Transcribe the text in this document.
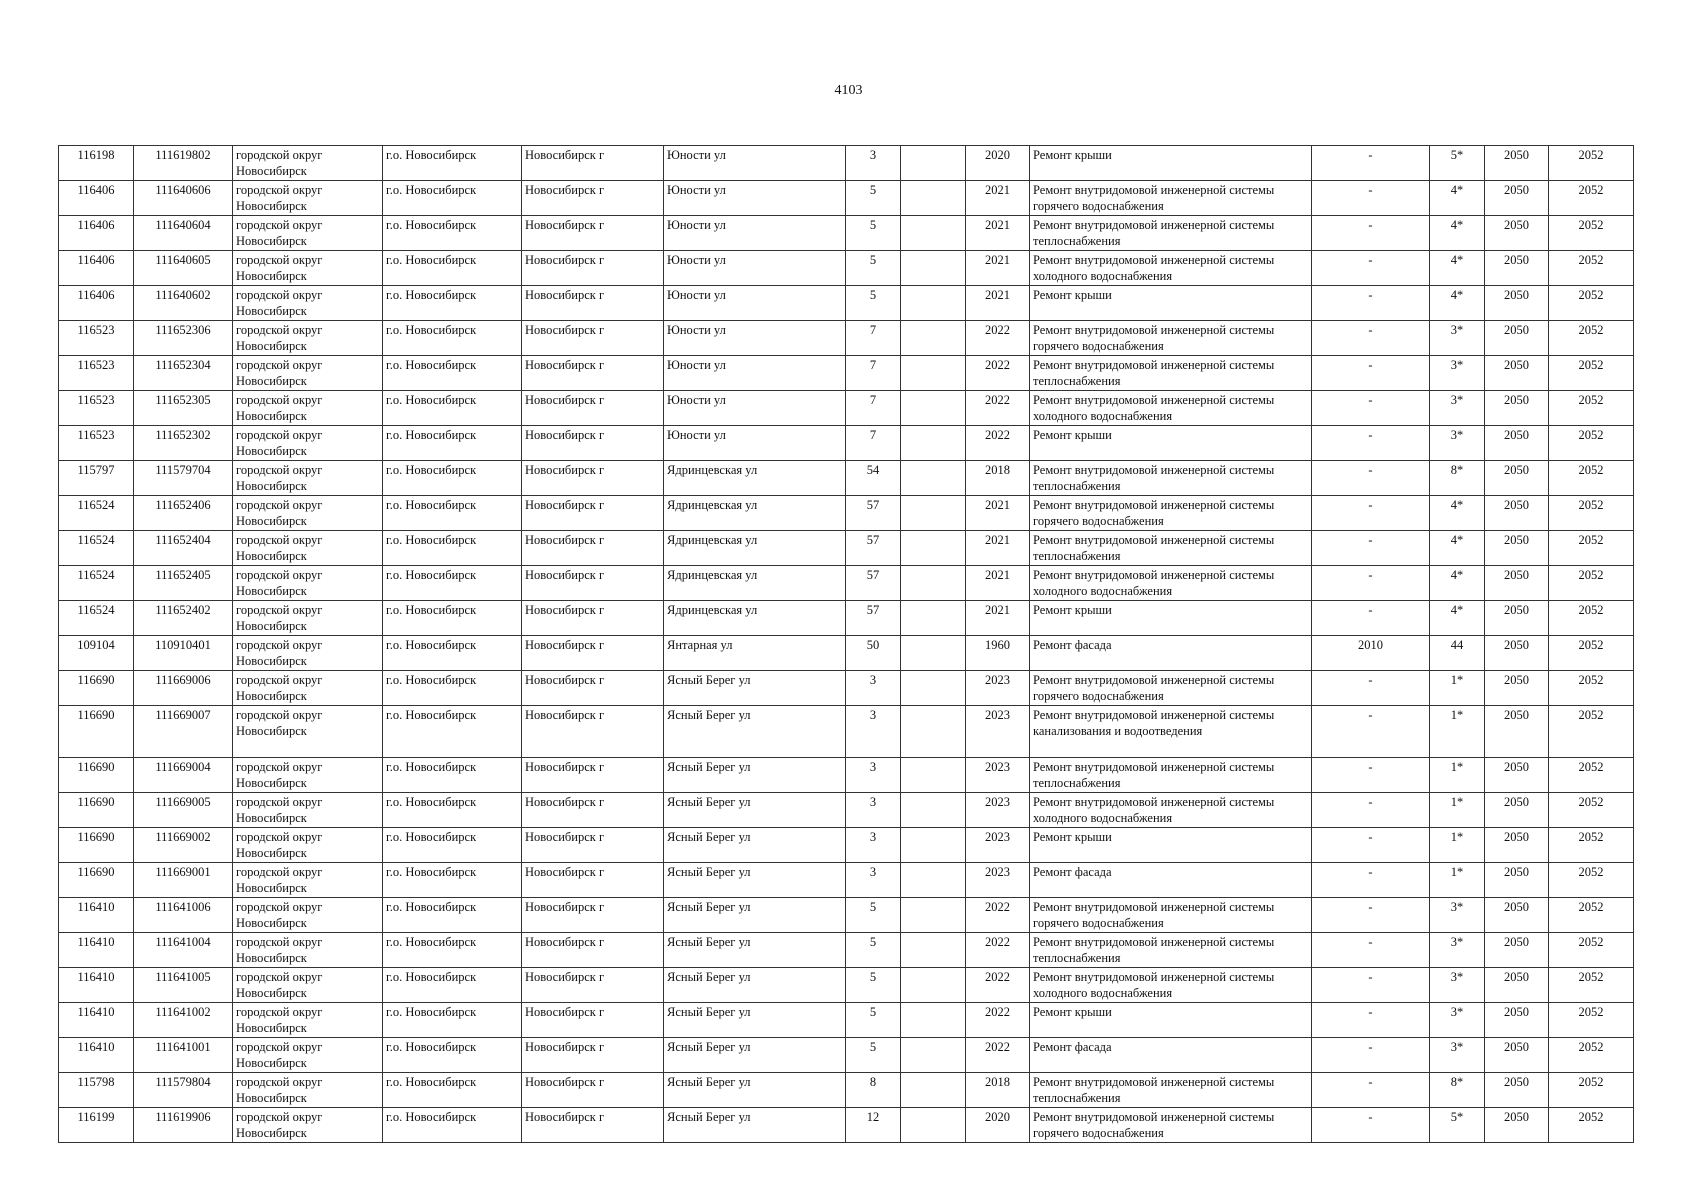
4103
116198	111619802	городской округ Новосибирск	г.о. Новосибирск	Новосибирск г	Юности ул	3		2020	Ремонт крыши	-	5*	2050	2052
116406	111640606	городской округ Новосибирск	г.о. Новосибирск	Новосибирск г	Юности ул	5		2021	Ремонт внутридомовой инженерной системы горячего водоснабжения	-	4*	2050	2052
116406	111640604	городской округ Новосибирск	г.о. Новосибирск	Новосибирск г	Юности ул	5		2021	Ремонт внутридомовой инженерной системы теплоснабжения	-	4*	2050	2052
116406	111640605	городской округ Новосибирск	г.о. Новосибирск	Новосибирск г	Юности ул	5		2021	Ремонт внутридомовой инженерной системы холодного водоснабжения	-	4*	2050	2052
116406	111640602	городской округ Новосибирск	г.о. Новосибирск	Новосибирск г	Юности ул	5		2021	Ремонт крыши	-	4*	2050	2052
116523	111652306	городской округ Новосибирск	г.о. Новосибирск	Новосибирск г	Юности ул	7		2022	Ремонт внутридомовой инженерной системы горячего водоснабжения	-	3*	2050	2052
116523	111652304	городской округ Новосибирск	г.о. Новосибирск	Новосибирск г	Юности ул	7		2022	Ремонт внутридомовой инженерной системы теплоснабжения	-	3*	2050	2052
116523	111652305	городской округ Новосибирск	г.о. Новосибирск	Новосибирск г	Юности ул	7		2022	Ремонт внутридомовой инженерной системы холодного водоснабжения	-	3*	2050	2052
116523	111652302	городской округ Новосибирск	г.о. Новосибирск	Новосибирск г	Юности ул	7		2022	Ремонт крыши	-	3*	2050	2052
115797	111579704	городской округ Новосибирск	г.о. Новосибирск	Новосибирск г	Ядринцевская ул	54		2018	Ремонт внутридомовой инженерной системы теплоснабжения	-	8*	2050	2052
116524	111652406	городской округ Новосибирск	г.о. Новосибирск	Новосибирск г	Ядринцевская ул	57		2021	Ремонт внутридомовой инженерной системы горячего водоснабжения	-	4*	2050	2052
116524	111652404	городской округ Новосибирск	г.о. Новосибирск	Новосибирск г	Ядринцевская ул	57		2021	Ремонт внутридомовой инженерной системы теплоснабжения	-	4*	2050	2052
116524	111652405	городской округ Новосибирск	г.о. Новосибирск	Новосибирск г	Ядринцевская ул	57		2021	Ремонт внутридомовой инженерной системы холодного водоснабжения	-	4*	2050	2052
116524	111652402	городской округ Новосибирск	г.о. Новосибирск	Новосибирск г	Ядринцевская ул	57		2021	Ремонт крыши	-	4*	2050	2052
109104	110910401	городской округ Новосибирск	г.о. Новосибирск	Новосибирск г	Янтарная ул	50		1960	Ремонт фасада	2010	44	2050	2052
116690	111669006	городской округ Новосибирск	г.о. Новосибирск	Новосибирск г	Ясный Берег ул	3		2023	Ремонт внутридомовой инженерной системы горячего водоснабжения	-	1*	2050	2052
116690	111669007	городской округ Новосибирск	г.о. Новосибирск	Новосибирск г	Ясный Берег ул	3		2023	Ремонт внутридомовой инженерной системы канализования и водоотведения	-	1*	2050	2052
116690	111669004	городской округ Новосибирск	г.о. Новосибирск	Новосибирск г	Ясный Берег ул	3		2023	Ремонт внутридомовой инженерной системы теплоснабжения	-	1*	2050	2052
116690	111669005	городской округ Новосибирск	г.о. Новосибирск	Новосибирск г	Ясный Берег ул	3		2023	Ремонт внутридомовой инженерной системы холодного водоснабжения	-	1*	2050	2052
116690	111669002	городской округ Новосибирск	г.о. Новосибирск	Новосибирск г	Ясный Берег ул	3		2023	Ремонт крыши	-	1*	2050	2052
116690	111669001	городской округ Новосибирск	г.о. Новосибирск	Новосибирск г	Ясный Берег ул	3		2023	Ремонт фасада	-	1*	2050	2052
116410	111641006	городской округ Новосибирск	г.о. Новосибирск	Новосибирск г	Ясный Берег ул	5		2022	Ремонт внутридомовой инженерной системы горячего водоснабжения	-	3*	2050	2052
116410	111641004	городской округ Новосибирск	г.о. Новосибирск	Новосибирск г	Ясный Берег ул	5		2022	Ремонт внутридомовой инженерной системы теплоснабжения	-	3*	2050	2052
116410	111641005	городской округ Новосибирск	г.о. Новосибирск	Новосибирск г	Ясный Берег ул	5		2022	Ремонт внутридомовой инженерной системы холодного водоснабжения	-	3*	2050	2052
116410	111641002	городской округ Новосибирск	г.о. Новосибирск	Новосибирск г	Ясный Берег ул	5		2022	Ремонт крыши	-	3*	2050	2052
116410	111641001	городской округ Новосибирск	г.о. Новосибирск	Новосибирск г	Ясный Берег ул	5		2022	Ремонт фасада	-	3*	2050	2052
115798	111579804	городской округ Новосибирск	г.о. Новосибирск	Новосибирск г	Ясный Берег ул	8		2018	Ремонт внутридомовой инженерной системы теплоснабжения	-	8*	2050	2052
116199	111619906	городской округ Новосибирск	г.о. Новосибирск	Новосибирск г	Ясный Берег ул	12		2020	Ремонт внутридомовой инженерной системы горячего водоснабжения	-	5*	2050	2052
